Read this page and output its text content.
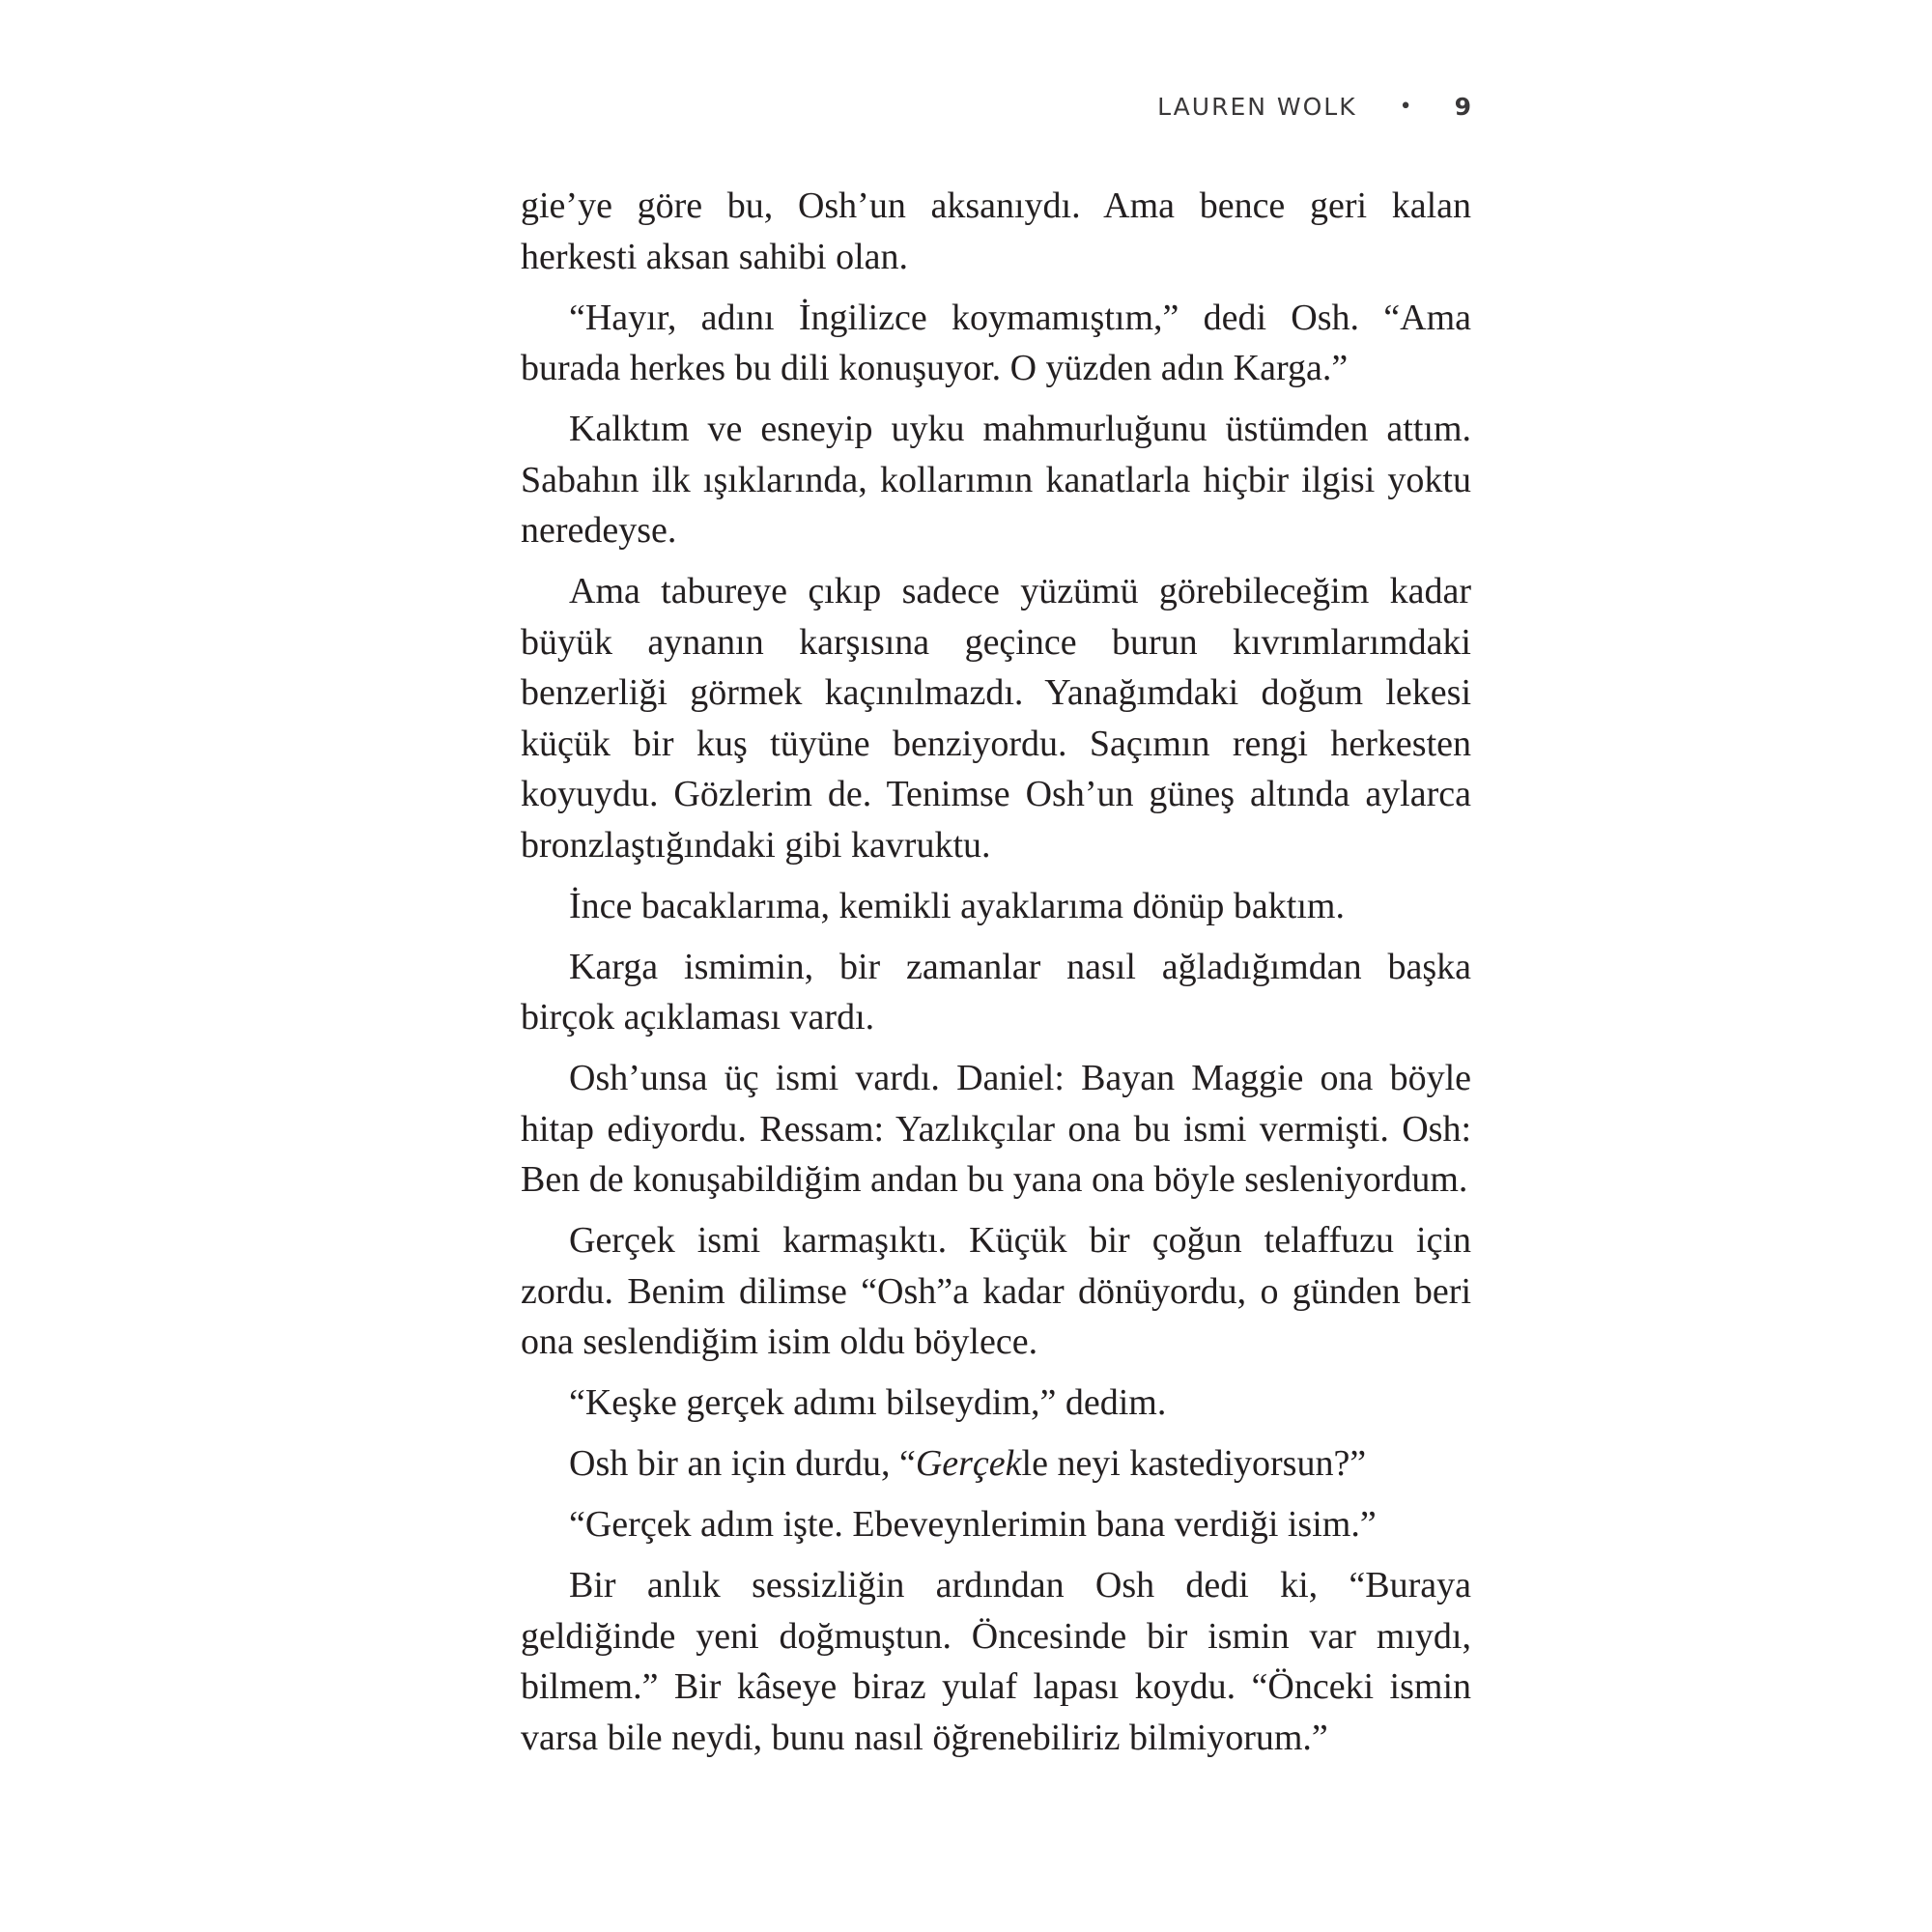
LAUREN WOLK • 9

gie’ye göre bu, Osh’un aksanıydı. Ama bence geri kalan herkesti aksan sahibi olan.

“Hayır, adını İngilizce koymamıştım,” dedi Osh. “Ama burada herkes bu dili konuşuyor. O yüzden adın Karga.”

Kalktım ve esneyip uyku mahmurluğunu üstümden attım. Sabahın ilk ışıklarında, kollarımın kanatlarla hiçbir ilgisi yoktu neredeyse.

Ama tabureye çıkıp sadece yüzümü görebileceğim kadar büyük aynanın karşısına geçince burun kıvrımlarımdaki benzerliği görmek kaçınılmazdı. Yanağımdaki doğum lekesi küçük bir kuş tüyüne benziyordu. Saçımın rengi herkesten koyuydu. Gözlerim de. Tenimse Osh’un güneş altında aylarca bronzlaştığındaki gibi kavruktu.

İnce bacaklarıma, kemikli ayaklarıma dönüp baktım.

Karga ismimin, bir zamanlar nasıl ağladığımdan başka birçok açıklaması vardı.

Osh’unsa üç ismi vardı. Daniel: Bayan Maggie ona böyle hitap ediyordu. Ressam: Yazlıkçılar ona bu ismi vermişti. Osh: Ben de konuşabildiğim andan bu yana ona böyle sesleniyordum.

Gerçek ismi karmaşıktı. Küçük bir çoğun telaffuzu için zordu. Benim dilimse “Osh”a kadar dönüyordu, o günden beri ona seslendiğim isim oldu böylece.

“Keşke gerçek adımı bilseydim,” dedim.

Osh bir an için durdu, “Gerçekle neyi kastediyorsun?”

“Gerçek adım işte. Ebeveynlerimin bana verdiği isim.”

Bir anlık sessizliğin ardından Osh dedi ki, “Buraya geldiğinde yeni doğmuştun. Öncesinde bir ismin var mıydı, bilmem.” Bir kâseye biraz yulaf lapası koydu. “Önceki ismin varsa bile neydi, bunu nasıl öğrenebiliriz bilmiyorum.”
